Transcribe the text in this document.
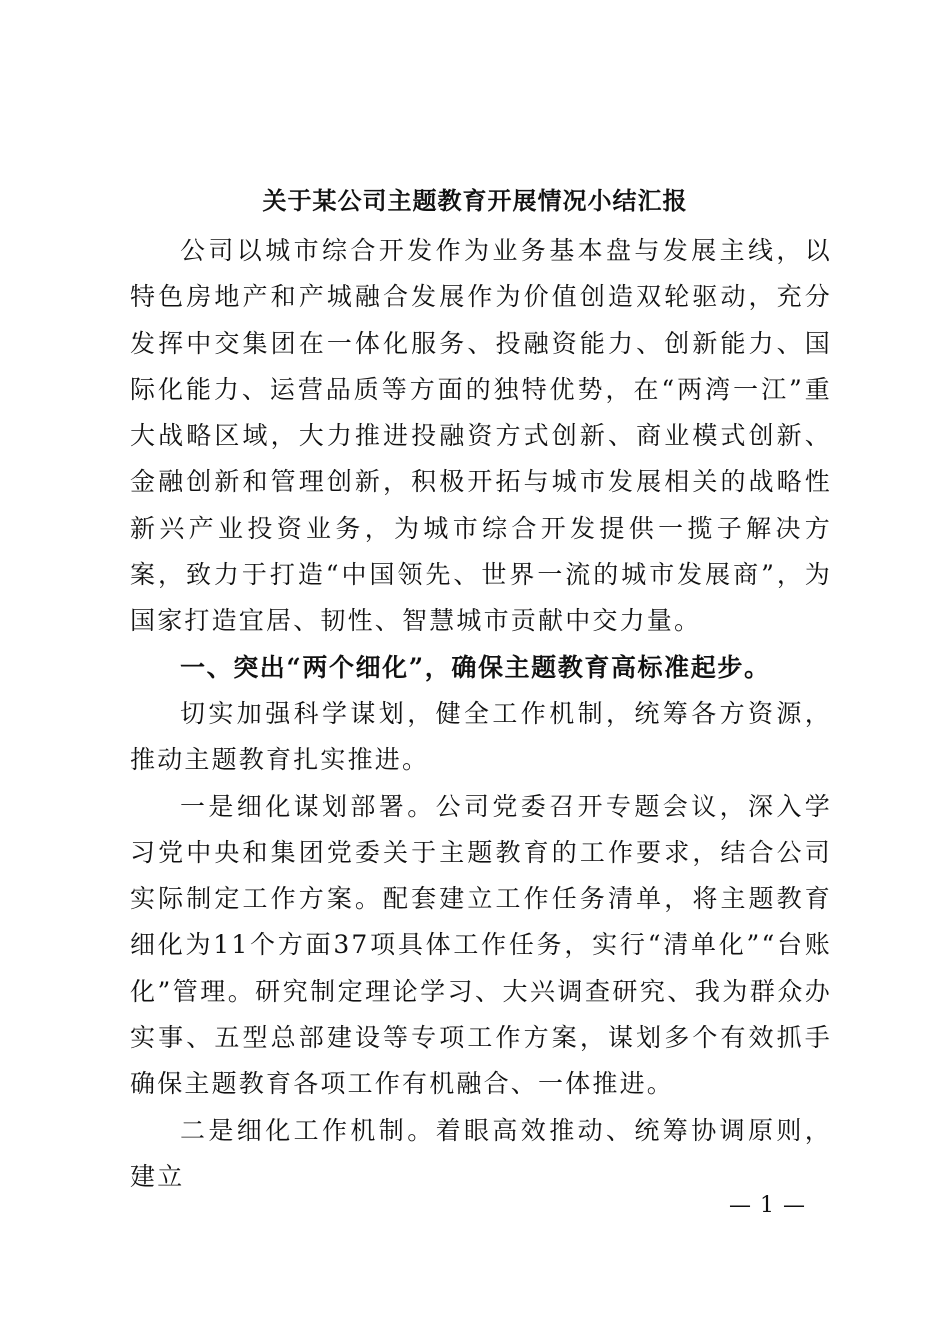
关于某公司主题教育开展情况小结汇报

公司以城市综合开发作为业务基本盘与发展主线，以特色房地产和产城融合发展作为价值创造双轮驱动，充分发挥中交集团在一体化服务、投融资能力、创新能力、国际化能力、运营品质等方面的独特优势，在“两湾一江”重大战略区域，大力推进投融资方式创新、商业模式创新、金融创新和管理创新，积极开拓与城市发展相关的战略性新兴产业投资业务，为城市综合开发提供一揽子解决方案，致力于打造“中国领先、世界一流的城市发展商”，为国家打造宜居、韧性、智慧城市贡献中交力量。

一、突出“两个细化”，确保主题教育高标准起步。

切实加强科学谋划，健全工作机制，统筹各方资源，推动主题教育扎实推进。

一是细化谋划部署。公司党委召开专题会议，深入学习党中央和集团党委关于主题教育的工作要求，结合公司实际制定工作方案。配套建立工作任务清单，将主题教育细化为11个方面37项具体工作任务，实行“清单化”“台账化”管理。研究制定理论学习、大兴调查研究、我为群众办实事、五型总部建设等专项工作方案，谋划多个有效抓手确保主题教育各项工作有机融合、一体推进。

二是细化工作机制。着眼高效推动、统筹协调原则，建立

— 1 —
